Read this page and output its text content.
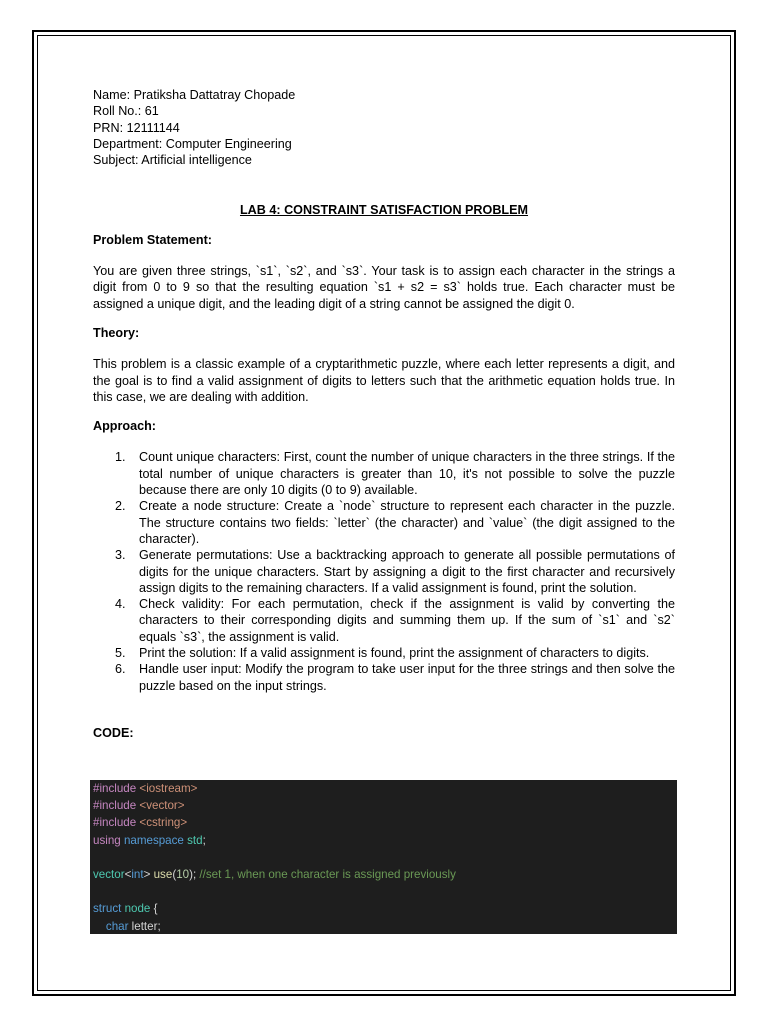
Name: Pratiksha Dattatray Chopade

Roll No.: 61

PRN: 12111144

Department: Computer Engineering

Subject: Artificial intelligence

LAB 4: CONSTRAINT SATISFACTION PROBLEM

Problem Statement:

You are given three strings, `s1`, `s2`, and `s3`. Your task is to assign each character in the strings a digit from 0 to 9 so that the resulting equation `s1 + s2 = s3` holds true. Each character must be assigned a unique digit, and the leading digit of a string cannot be assigned the digit 0.

Theory:

This problem is a classic example of a cryptarithmetic puzzle, where each letter represents a digit, and the goal is to find a valid assignment of digits to letters such that the arithmetic equation holds true. In this case, we are dealing with addition.

Approach:

1. Count unique characters: First, count the number of unique characters in the three strings. If the total number of unique characters is greater than 10, it's not possible to solve the puzzle because there are only 10 digits (0 to 9) available.
2. Create a node structure: Create a `node` structure to represent each character in the puzzle. The structure contains two fields: `letter` (the character) and `value` (the digit assigned to the character).
3. Generate permutations: Use a backtracking approach to generate all possible permutations of digits for the unique characters. Start by assigning a digit to the first character and recursively assign digits to the remaining characters. If a valid assignment is found, print the solution.
4. Check validity: For each permutation, check if the assignment is valid by converting the characters to their corresponding digits and summing them up. If the sum of `s1` and `s2` equals `s3`, the assignment is valid.
5. Print the solution: If a valid assignment is found, print the assignment of characters to digits.
6. Handle user input: Modify the program to take user input for the three strings and then solve the puzzle based on the input strings.

CODE:

#include <iostream>
#include <vector>
#include <cstring>
using namespace std;
vector<int> use(10); //set 1, when one character is assigned previously
struct node {
char letter;
